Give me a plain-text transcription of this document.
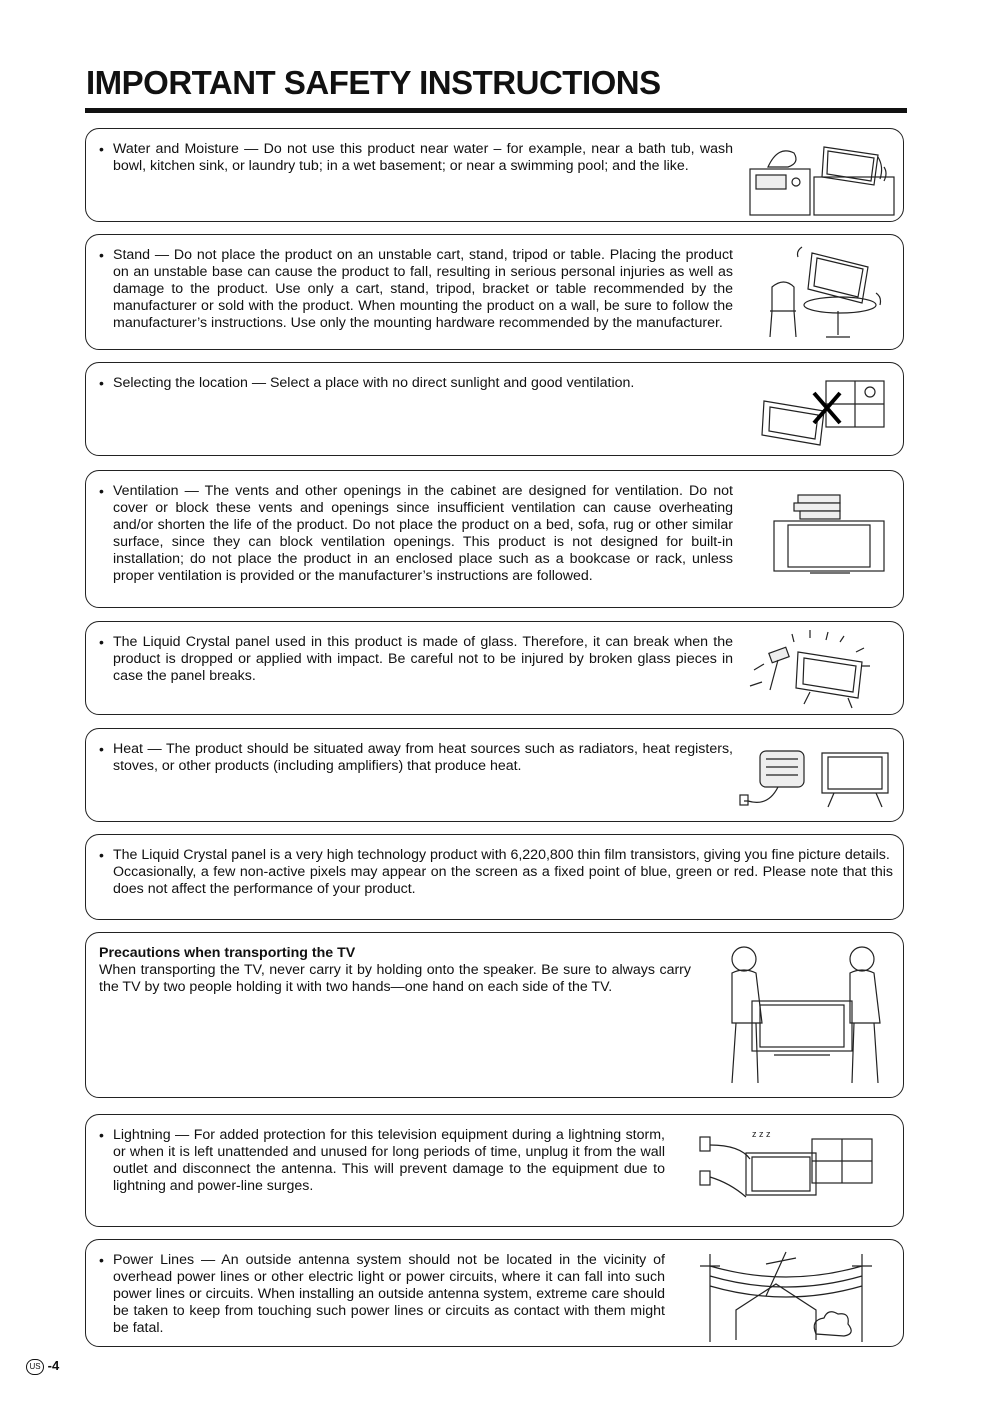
IMPORTANT SAFETY INSTRUCTIONS
• Water and Moisture — Do not use this product near water – for example, near a bath tub, wash bowl, kitchen sink, or laundry tub; in a wet basement; or near a swimming pool; and the like.
• Stand — Do not place the product on an unstable cart, stand, tripod or table. Placing the product on an unstable base can cause the product to fall, resulting in serious personal injuries as well as damage to the product. Use only a cart, stand, tripod, bracket or table recommended by the manufacturer or sold with the product. When mounting the product on a wall, be sure to follow the manufacturer’s instructions. Use only the mounting hardware recommended by the manufacturer.
• Selecting the location — Select a place with no direct sunlight and good ventilation.
• Ventilation — The vents and other openings in the cabinet are designed for ventilation. Do not cover or block these vents and openings since insufficient ventilation can cause overheating and/or shorten the life of the product. Do not place the product on a bed, sofa, rug or other similar surface, since they can block ventilation openings. This product is not designed for built-in installation; do not place the product in an enclosed place such as a bookcase or rack, unless proper ventilation is provided or the manufacturer’s instructions are followed.
• The Liquid Crystal panel used in this product is made of glass. Therefore, it can break when the product is dropped or applied with impact. Be careful not to be injured by broken glass pieces in case the panel breaks.
• Heat — The product should be situated away from heat sources such as radiators, heat registers, stoves, or other products (including amplifiers) that produce heat.

• The Liquid Crystal panel is a very high technology product with 6,220,800 thin film transistors, giving you fine picture details.

Occasionally, a few non-active pixels may appear on the screen as a fixed point of blue, green or red. Please note that this does not affect the performance of your product.

Precautions when transporting the TV

When transporting the TV, never carry it by holding onto the speaker. Be sure to always carry the TV by two people holding it with two hands—one hand on each side of the TV.

• Lightning — For added protection for this television equipment during a lightning storm, or when it is left unattended and unused for long periods of time, unplug it from the wall outlet and disconnect the antenna. This will prevent damage to the equipment due to lightning and power-line surges.
z z z
• Power Lines — An outside antenna system should not be located in the vicinity of overhead power lines or other electric light or power circuits, where it can fall into such power lines or circuits. When installing an outside antenna system, extreme care should be taken to keep from touching such power lines or circuits as contact with them might be fatal.
US -4
